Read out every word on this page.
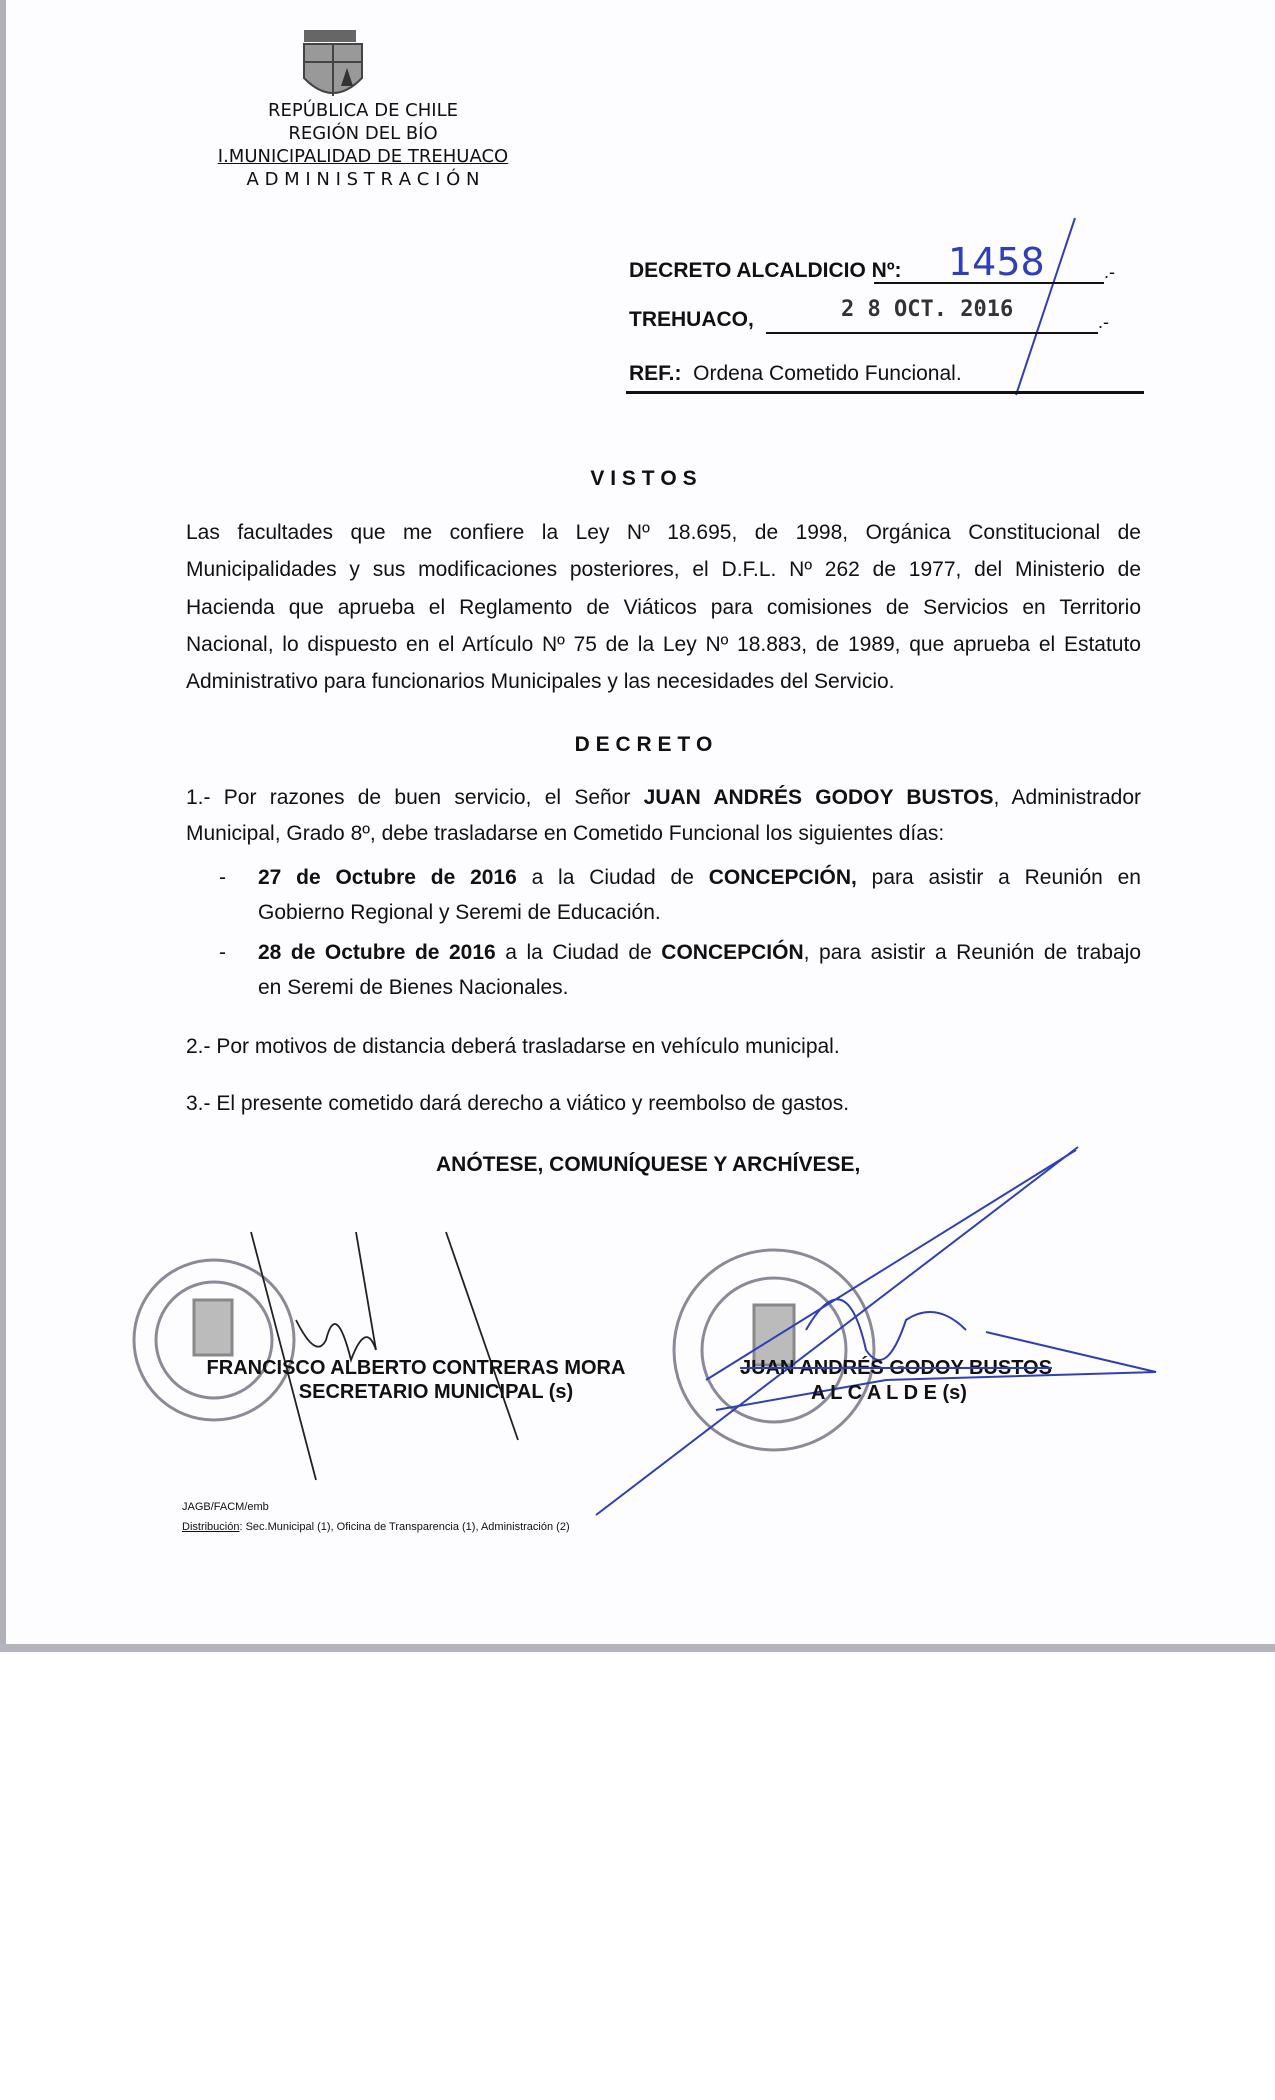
REPÚBLICA DE CHILE
REGIÓN DEL BÍO
I.MUNICIPALIDAD DE TREHUACO
A D M I N I S T R A C I Ó N
DECRETO ALCALDICIO Nº: 1458	.-
TREHUACO,	2 8 OCT. 2016	.-
REF.: Ordena Cometido Funcional.
V I S T O S
Las facultades que me confiere la Ley Nº 18.695, de 1998, Orgánica Constitucional de
Municipalidades y sus modificaciones posteriores, el D.F.L. Nº 262 de 1977, del Ministerio de
Hacienda que aprueba el Reglamento de Viáticos para comisiones de Servicios en Territorio
Nacional, lo dispuesto en el Artículo Nº 75 de la Ley Nº 18.883, de 1989, que aprueba el Estatuto
Administrativo para funcionarios Municipales y las necesidades del Servicio.
D E C R E T O
1.- Por razones de buen servicio, el Señor JUAN ANDRÉS GODOY BUSTOS, Administrador
Municipal, Grado 8º, debe trasladarse en Cometido Funcional los siguientes días:
- 27 de Octubre de 2016 a la Ciudad de CONCEPCIÓN, para asistir a Reunión en
Gobierno Regional y Seremi de Educación.
- 28 de Octubre de 2016 a la Ciudad de CONCEPCIÓN, para asistir a Reunión de trabajo
en Seremi de Bienes Nacionales.
2.- Por motivos de distancia deberá trasladarse en vehículo municipal.
3.- El presente cometido dará derecho a viático y reembolso de gastos.
ANÓTESE, COMUNÍQUESE Y ARCHÍVESE,
FRANCISCO ALBERTO CONTRERAS MORA
SECRETARIO MUNICIPAL (s)
JUAN ANDRÉS GODOY BUSTOS
A L C A L D E (s)
JAGB/FACM/emb
Distribución: Sec.Municipal (1), Oficina de Transparencia (1), Administración (2)
